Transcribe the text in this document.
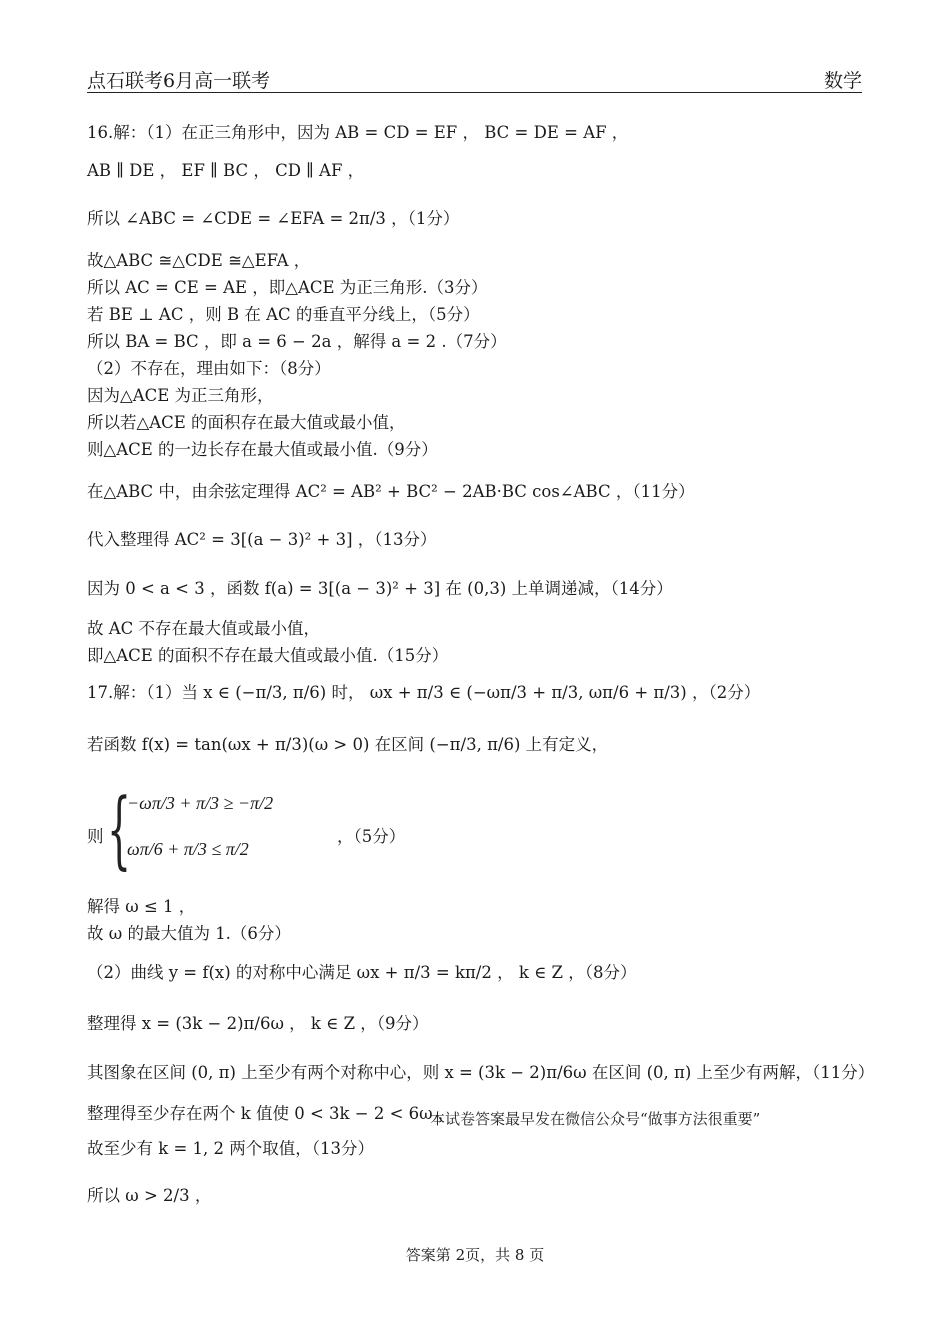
点石联考6月高一联考	数学
16.解：（1）在正三角形中，因为 AB = CD = EF ， BC = DE = AF ，
AB ∥ DE ， EF ∥ BC ， CD ∥ AF ，
所以 ∠ABC = ∠CDE = ∠EFA = 2π/3 ，（1分）
故△ABC ≅△CDE ≅△EFA ，
所以 AC = CE = AE ，即△ACE 为正三角形.（3分）
若 BE ⊥ AC ，则 B 在 AC 的垂直平分线上，（5分）
所以 BA = BC ，即 a = 6 − 2a ，解得 a = 2 .（7分）
（2）不存在，理由如下：（8分）
因为△ACE 为正三角形，
所以若△ACE 的面积存在最大值或最小值，
则△ACE 的一边长存在最大值或最小值.（9分）
在△ABC 中，由余弦定理得 AC² = AB² + BC² − 2AB·BC cos∠ABC ，（11分）
代入整理得 AC² = 3[(a − 3)² + 3] ，（13分）
因为 0 < a < 3 ，函数 f(a) = 3[(a − 3)² + 3] 在 (0,3) 上单调递减，（14分）
故 AC 不存在最大值或最小值，
即△ACE 的面积不存在最大值或最小值.（15分）
17.解：（1）当 x ∈ (−π/3, π/6) 时， ωx + π/3 ∈ (−ωπ/3 + π/3, ωπ/6 + π/3) ，（2分）
若函数 f(x) = tan(ωx + π/3)(ω > 0) 在区间 (−π/3, π/6) 上有定义，
解得 ω ≤ 1 ，
故 ω 的最大值为 1.（6分）
（2）曲线 y = f(x) 的对称中心满足 ωx + π/3 = kπ/2 ， k ∈ Z ，（8分）
整理得 x = (3k − 2)π/6ω ， k ∈ Z ，（9分）
其图象在区间 (0, π) 上至少有两个对称中心，则 x = (3k − 2)π/6ω 在区间 (0, π) 上至少有两解，（11分）
整理得至少存在两个 k 值使 0 < 3k − 2 < 6ω ，
故至少有 k = 1, 2 两个取值，（13分）
所以 ω > 2/3 ，
则 {
−ωπ/3 + π/3 ≥ −π/2
ωπ/6 + π/3 ≤ π/2
，（5分）
本试卷答案最早发在微信公众号“做事方法很重要”
答案第 2页，共 8 页
